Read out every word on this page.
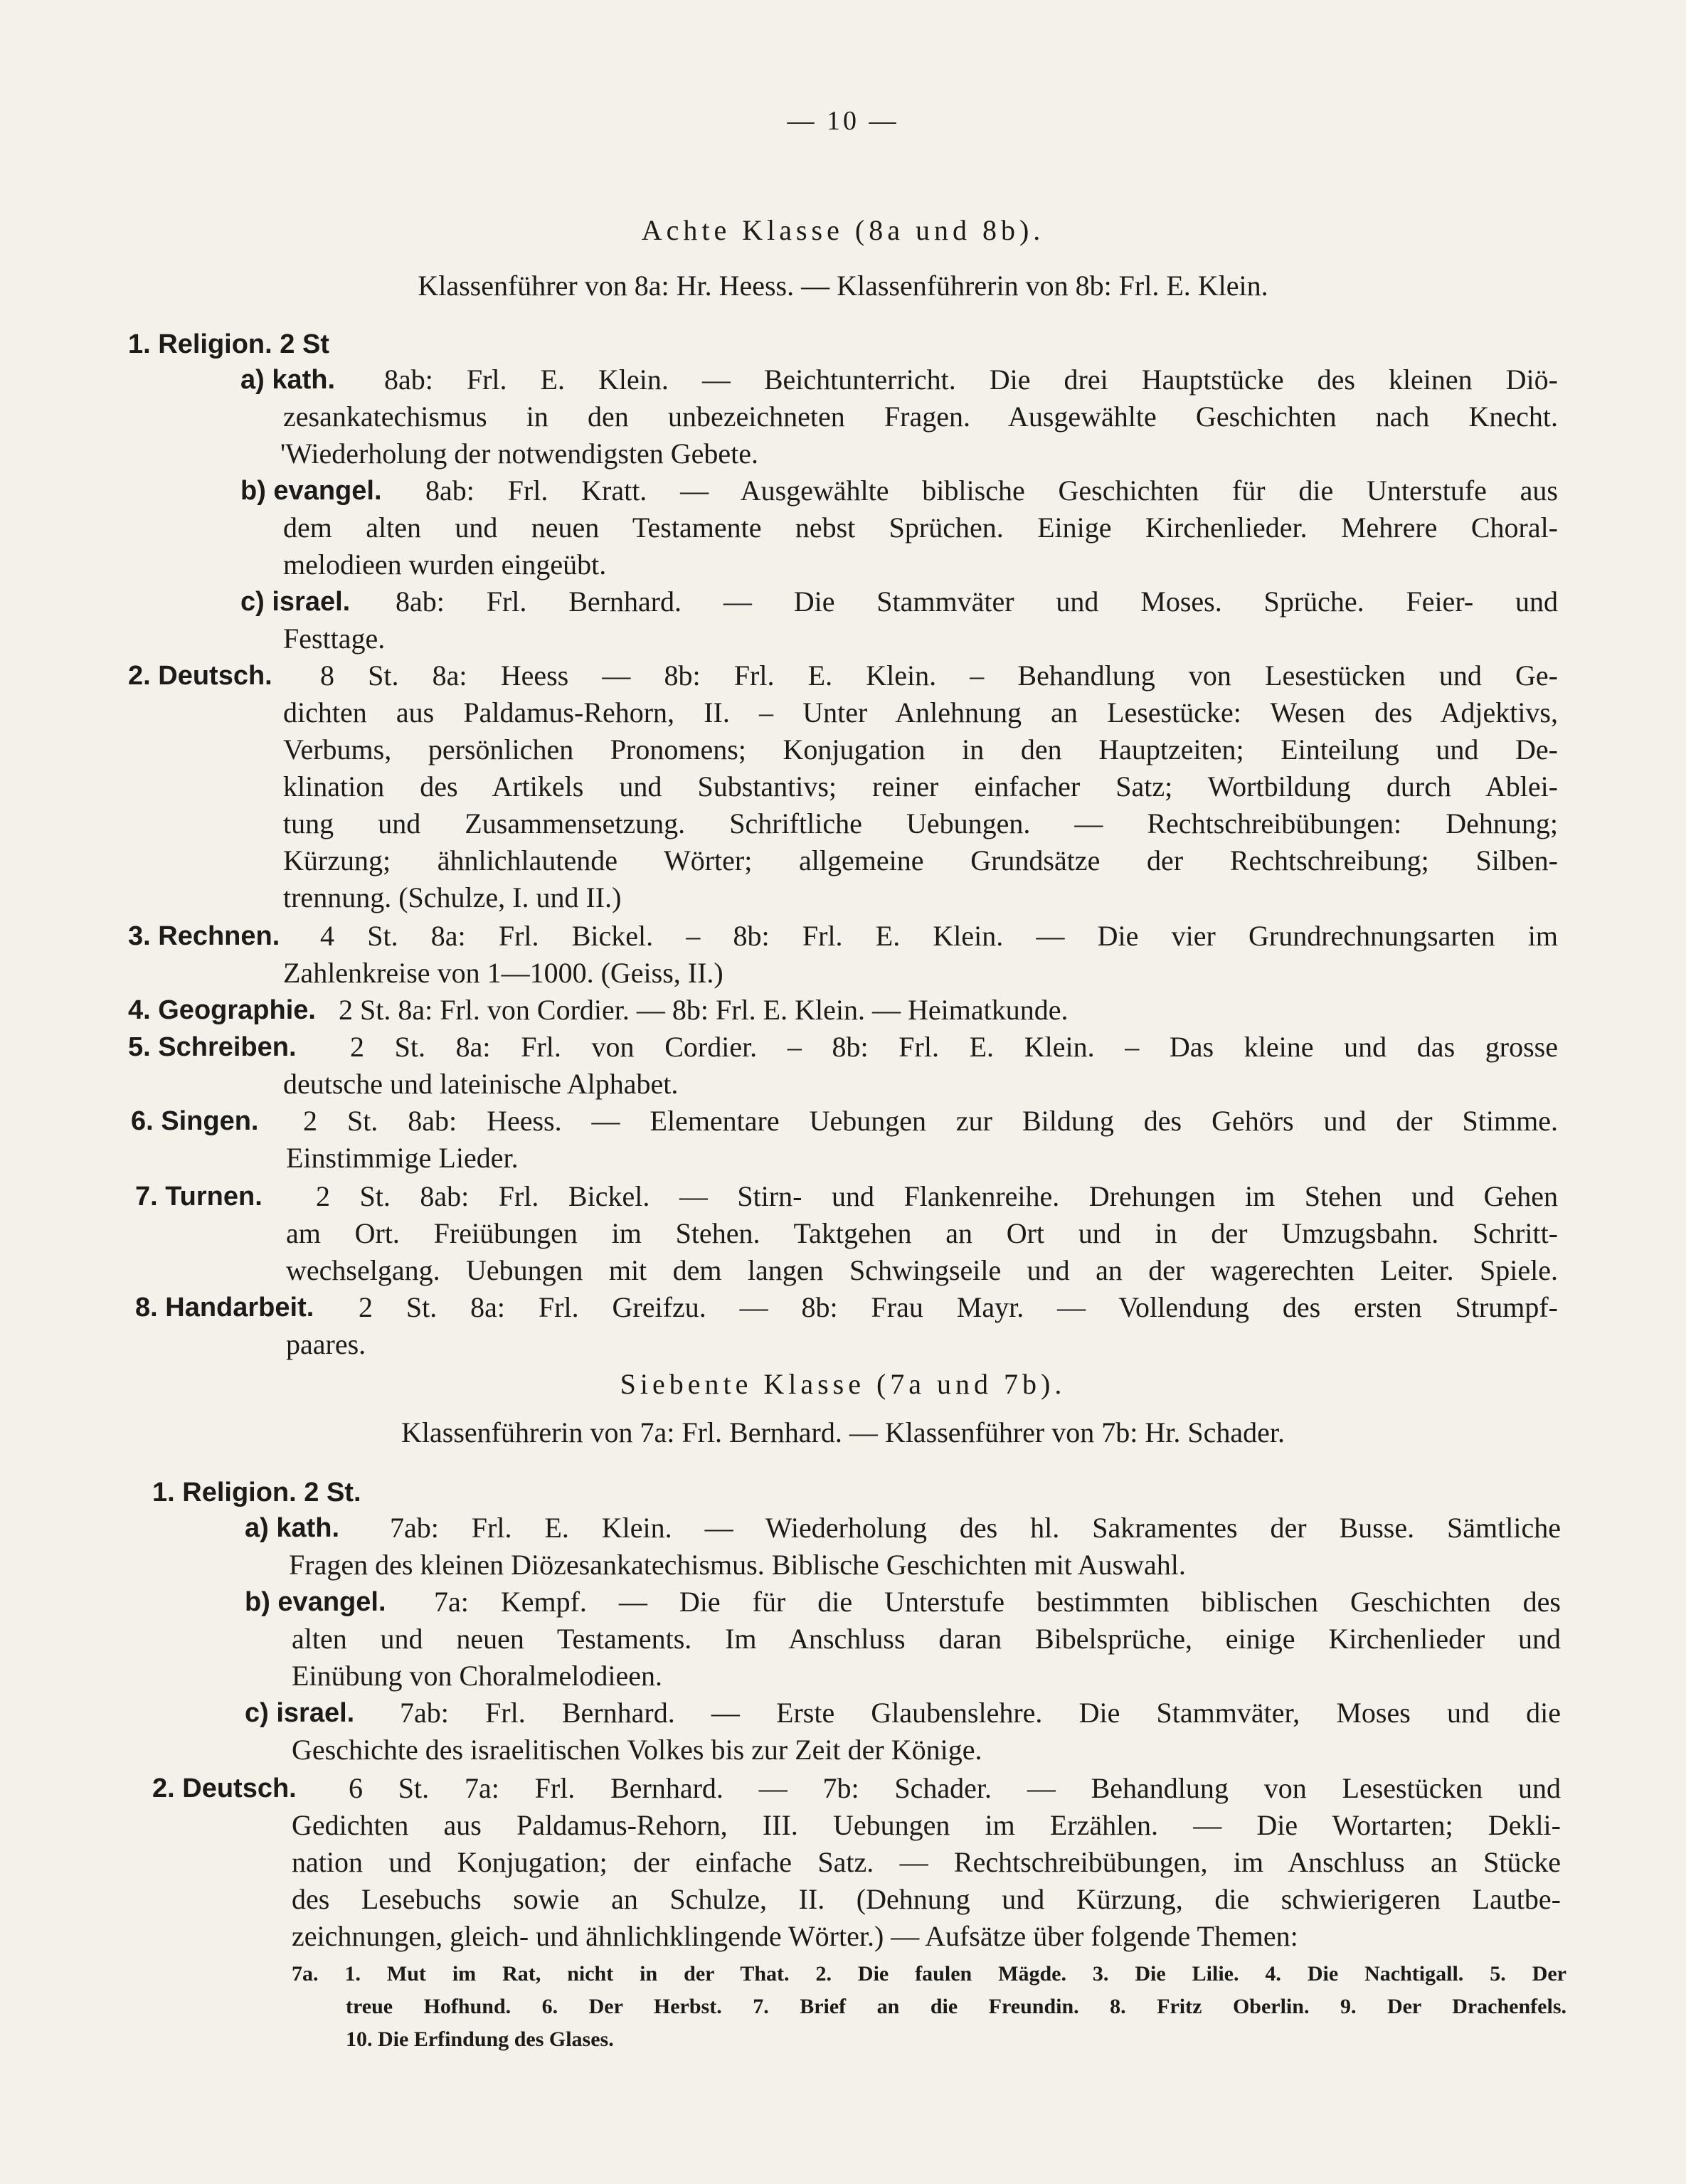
— 10 —
Achte Klasse (8a und 8b).
Klassenführer von 8a: Hr. Heess. — Klassenführerin von 8b: Frl. E. Klein.
1. Religion. 2 St
a) kath. 8ab: Frl. E. Klein. — Beichtunterricht. Die drei Hauptstücke des kleinen Diö-
zesankatechismus in den unbezeichneten Fragen. Ausgewählte Geschichten nach Knecht.
'Wiederholung der notwendigsten Gebete.
b) evangel. 8ab: Frl. Kratt. — Ausgewählte biblische Geschichten für die Unterstufe aus
dem alten und neuen Testamente nebst Sprüchen. Einige Kirchenlieder. Mehrere Choral-
melodieen wurden eingeübt.
c) israel. 8ab: Frl. Bernhard. — Die Stammväter und Moses. Sprüche. Feier- und
Festtage.
2. Deutsch. 8 St. 8a: Heess — 8b: Frl. E. Klein. – Behandlung von Lesestücken und Ge-
dichten aus Paldamus-Rehorn, II. – Unter Anlehnung an Lesestücke: Wesen des Adjektivs,
Verbums, persönlichen Pronomens; Konjugation in den Hauptzeiten; Einteilung und De-
klination des Artikels und Substantivs; reiner einfacher Satz; Wortbildung durch Ablei-
tung und Zusammensetzung. Schriftliche Uebungen. — Rechtschreibübungen: Dehnung;
Kürzung; ähnlichlautende Wörter; allgemeine Grundsätze der Rechtschreibung; Silben-
trennung. (Schulze, I. und II.)
3. Rechnen. 4 St. 8a: Frl. Bickel. – 8b: Frl. E. Klein. — Die vier Grundrechnungsarten im
Zahlenkreise von 1—1000. (Geiss, II.)
4. Geographie. 2 St. 8a: Frl. von Cordier. — 8b: Frl. E. Klein. — Heimatkunde.
5. Schreiben. 2 St. 8a: Frl. von Cordier. – 8b: Frl. E. Klein. – Das kleine und das grosse
deutsche und lateinische Alphabet.
6. Singen. 2 St. 8ab: Heess. — Elementare Uebungen zur Bildung des Gehörs und der Stimme.
Einstimmige Lieder.
7. Turnen. 2 St. 8ab: Frl. Bickel. — Stirn- und Flankenreihe. Drehungen im Stehen und Gehen
am Ort. Freiübungen im Stehen. Taktgehen an Ort und in der Umzugsbahn. Schritt-
wechselgang. Uebungen mit dem langen Schwingseile und an der wagerechten Leiter. Spiele.
8. Handarbeit. 2 St. 8a: Frl. Greifzu. — 8b: Frau Mayr. — Vollendung des ersten Strumpf-
paares.
Siebente Klasse (7a und 7b).
Klassenführerin von 7a: Frl. Bernhard. — Klassenführer von 7b: Hr. Schader.
1. Religion. 2 St.
a) kath. 7ab: Frl. E. Klein. — Wiederholung des hl. Sakramentes der Busse. Sämtliche
Fragen des kleinen Diözesankatechismus. Biblische Geschichten mit Auswahl.
b) evangel. 7a: Kempf. — Die für die Unterstufe bestimmten biblischen Geschichten des
alten und neuen Testaments. Im Anschluss daran Bibelsprüche, einige Kirchenlieder und
Einübung von Choralmelodieen.
c) israel. 7ab: Frl. Bernhard. — Erste Glaubenslehre. Die Stammväter, Moses und die
Geschichte des israelitischen Volkes bis zur Zeit der Könige.
2. Deutsch. 6 St. 7a: Frl. Bernhard. — 7b: Schader. — Behandlung von Lesestücken und
Gedichten aus Paldamus-Rehorn, III. Uebungen im Erzählen. — Die Wortarten; Dekli-
nation und Konjugation; der einfache Satz. — Rechtschreibübungen, im Anschluss an Stücke
des Lesebuchs sowie an Schulze, II. (Dehnung und Kürzung, die schwierigeren Lautbe-
zeichnungen, gleich- und ähnlichklingende Wörter.) — Aufsätze über folgende Themen:
7a. 1. Mut im Rat, nicht in der That. 2. Die faulen Mägde. 3. Die Lilie. 4. Die Nachtigall. 5. Der
treue Hofhund. 6. Der Herbst. 7. Brief an die Freundin. 8. Fritz Oberlin. 9. Der Drachenfels.
10. Die Erfindung des Glases.
